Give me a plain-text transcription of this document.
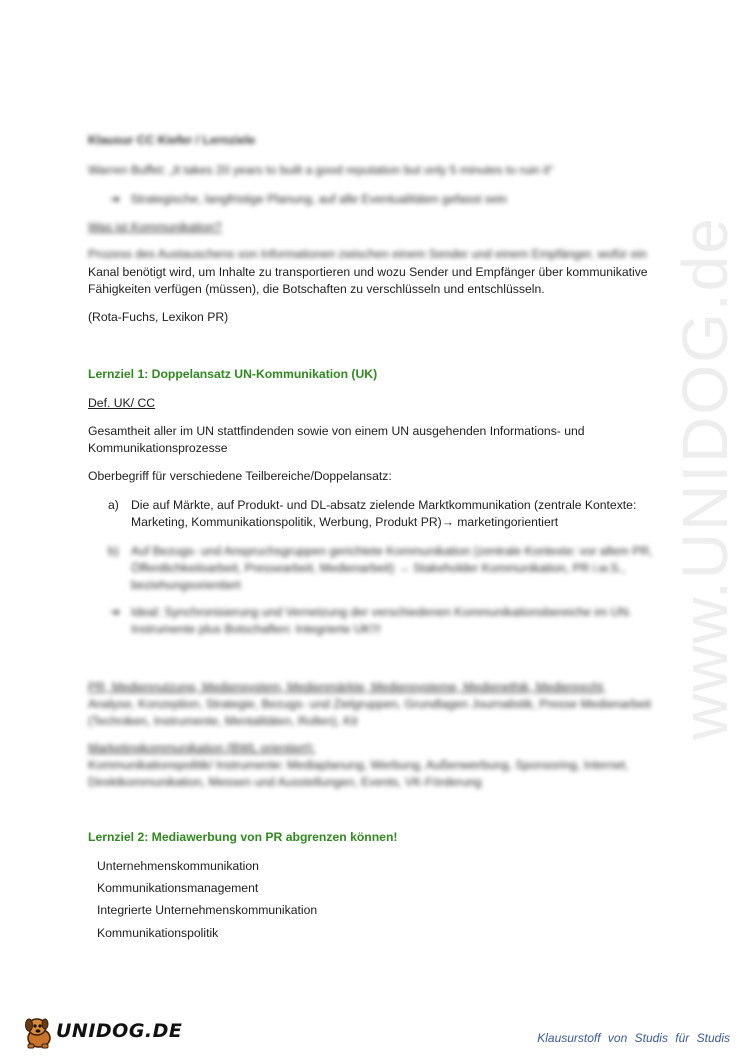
www.UNIDOG.de
Klausur CC Kiefer / Lernziele
Warren Buffet: „It takes 20 years to built a good reputation but only 5 minutes to ruin it“
➔ Strategische, langfristige Planung, auf alle Eventualitäten gefasst sein
Was ist Kommunikation?
Prozess des Austauschens von Informationen zwischen einem Sender und einem Empfänger, wofür ein
Kanal benötigt wird, um Inhalte zu transportieren und wozu Sender und Empfänger über kommunikative
Fähigkeiten verfügen (müssen), die Botschaften zu verschlüsseln und entschlüsseln.
(Rota-Fuchs, Lexikon PR)
Lernziel 1: Doppelansatz UN-Kommunikation (UK)
Def. UK/ CC
Gesamtheit aller im UN stattfindenden sowie von einem UN ausgehenden Informations- und
Kommunikationsprozesse
Oberbegriff für verschiedene Teilbereiche/Doppelansatz:
a) Die auf Märkte, auf Produkt- und DL-absatz zielende Marktkommunikation (zentrale Kontexte:
Marketing, Kommunikationspolitik, Werbung, Produkt PR)→ marketingorientiert
b) Auf Bezugs- und Anspruchsgruppen gerichtete Kommunikation (zentrale Kontexte: vor allem PR,
Öffentlichkeitsarbeit, Pressearbeit, Medienarbeit) → Stakeholder Kommunikation, PR i.w.S.,
beziehungsorientiert
➔ Ideal: Synchronisierung und Vernetzung der verschiedenen Kommunikationsbereiche im UN.
Instrumente plus Botschaften: Integrierte UK!!!
PR, Mediennutzung, Mediensystem, Medienmärkte, Mediensysteme, Medienethik, Medienrecht,
Analyse, Konzeption, Strategie, Bezugs- und Zielgruppen, Grundlagen Journalistik, Presse Medienarbeit
(Techniken, Instrumente, Mentalitäten, Rollen), Kit
Marketingkommunikation (BWL orientiert):
Kommunikationspolitik/ Instrumente: Mediaplanung, Werbung, Außenwerbung, Sponsoring, Internet,
Direktkommunikation, Messen und Ausstellungen, Events, VK-Förderung
Lernziel 2: Mediawerbung von PR abgrenzen können!
Unternehmenskommunikation
Kommunikationsmanagement
Integrierte Unternehmenskommunikation
Kommunikationspolitik
UNIDOG.DE	Klausurstoff von Studis für Studis
